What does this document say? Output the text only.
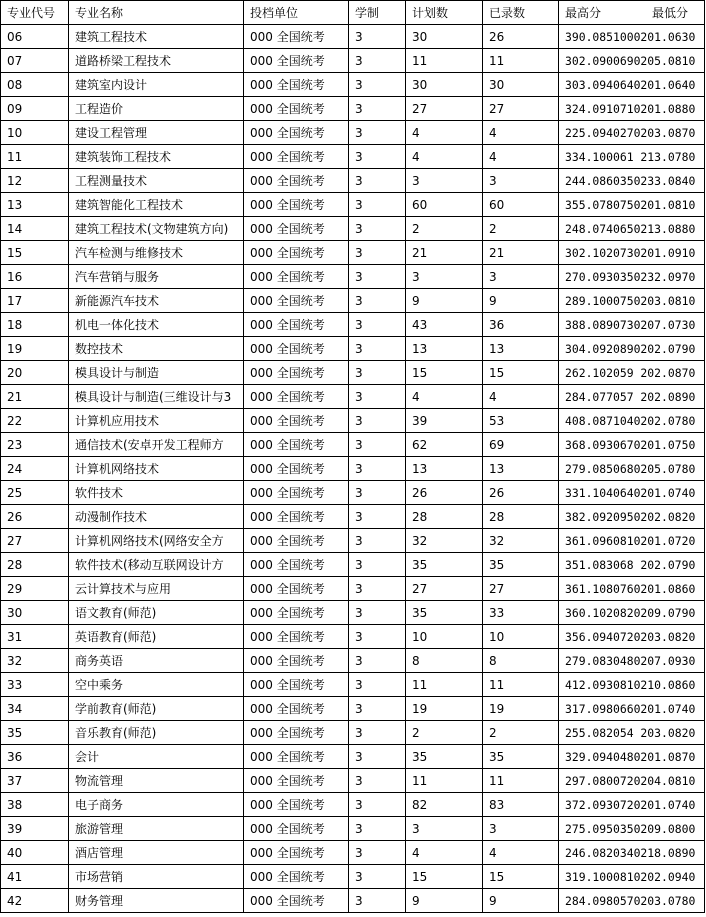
专业代号	专业名称	投档单位	学制	计划数	已录数	最高分 最低分

06	建筑工程技术	000 全国统考	3	30	26	390.0851000201.0630
07	道路桥梁工程技术	000 全国统考	3	11	11	302.0900690205.0810
08	建筑室内设计	000 全国统考	3	30	30	303.0940640201.0640
09	工程造价	000 全国统考	3	27	27	324.0910710201.0880
10	建设工程管理	000 全国统考	3	4	4	225.0940270203.0870
11	建筑装饰工程技术	000 全国统考	3	4	4	334.100061 213.0780
12	工程测量技术	000 全国统考	3	3	3	244.0860350233.0840
13	建筑智能化工程技术	000 全国统考	3	60	60	355.0780750201.0810
14	建筑工程技术(文物建筑方向)	000 全国统考	3	2	2	248.0740650213.0880
15	汽车检测与维修技术	000 全国统考	3	21	21	302.1020730201.0910
16	汽车营销与服务	000 全国统考	3	3	3	270.0930350232.0970
17	新能源汽车技术	000 全国统考	3	9	9	289.1000750203.0810
18	机电一体化技术	000 全国统考	3	43	36	388.0890730207.0730
19	数控技术	000 全国统考	3	13	13	304.0920890202.0790
20	模具设计与制造	000 全国统考	3	15	15	262.102059 202.0870
21	模具设计与制造(三维设计与3	000 全国统考	3	4	4	284.077057 202.0890
22	计算机应用技术	000 全国统考	3	39	53	408.0871040202.0780
23	通信技术(安卓开发工程师方	000 全国统考	3	62	69	368.0930670201.0750
24	计算机网络技术	000 全国统考	3	13	13	279.0850680205.0780
25	软件技术	000 全国统考	3	26	26	331.1040640201.0740
26	动漫制作技术	000 全国统考	3	28	28	382.0920950202.0820
27	计算机网络技术(网络安全方	000 全国统考	3	32	32	361.0960810201.0720
28	软件技术(移动互联网设计方	000 全国统考	3	35	35	351.083068 202.0790
29	云计算技术与应用	000 全国统考	3	27	27	361.1080760201.0860
30	语文教育(师范)	000 全国统考	3	35	33	360.1020820209.0790
31	英语教育(师范)	000 全国统考	3	10	10	356.0940720203.0820
32	商务英语	000 全国统考	3	8	8	279.0830480207.0930
33	空中乘务	000 全国统考	3	11	11	412.0930810210.0860
34	学前教育(师范)	000 全国统考	3	19	19	317.0980660201.0740
35	音乐教育(师范)	000 全国统考	3	2	2	255.082054 203.0820
36	会计	000 全国统考	3	35	35	329.0940480201.0870
37	物流管理	000 全国统考	3	11	11	297.0800720204.0810
38	电子商务	000 全国统考	3	82	83	372.0930720201.0740
39	旅游管理	000 全国统考	3	3	3	275.0950350209.0800
40	酒店管理	000 全国统考	3	4	4	246.0820340218.0890
41	市场营销	000 全国统考	3	15	15	319.1000810202.0940
42	财务管理	000 全国统考	3	9	9	284.0980570203.0780
